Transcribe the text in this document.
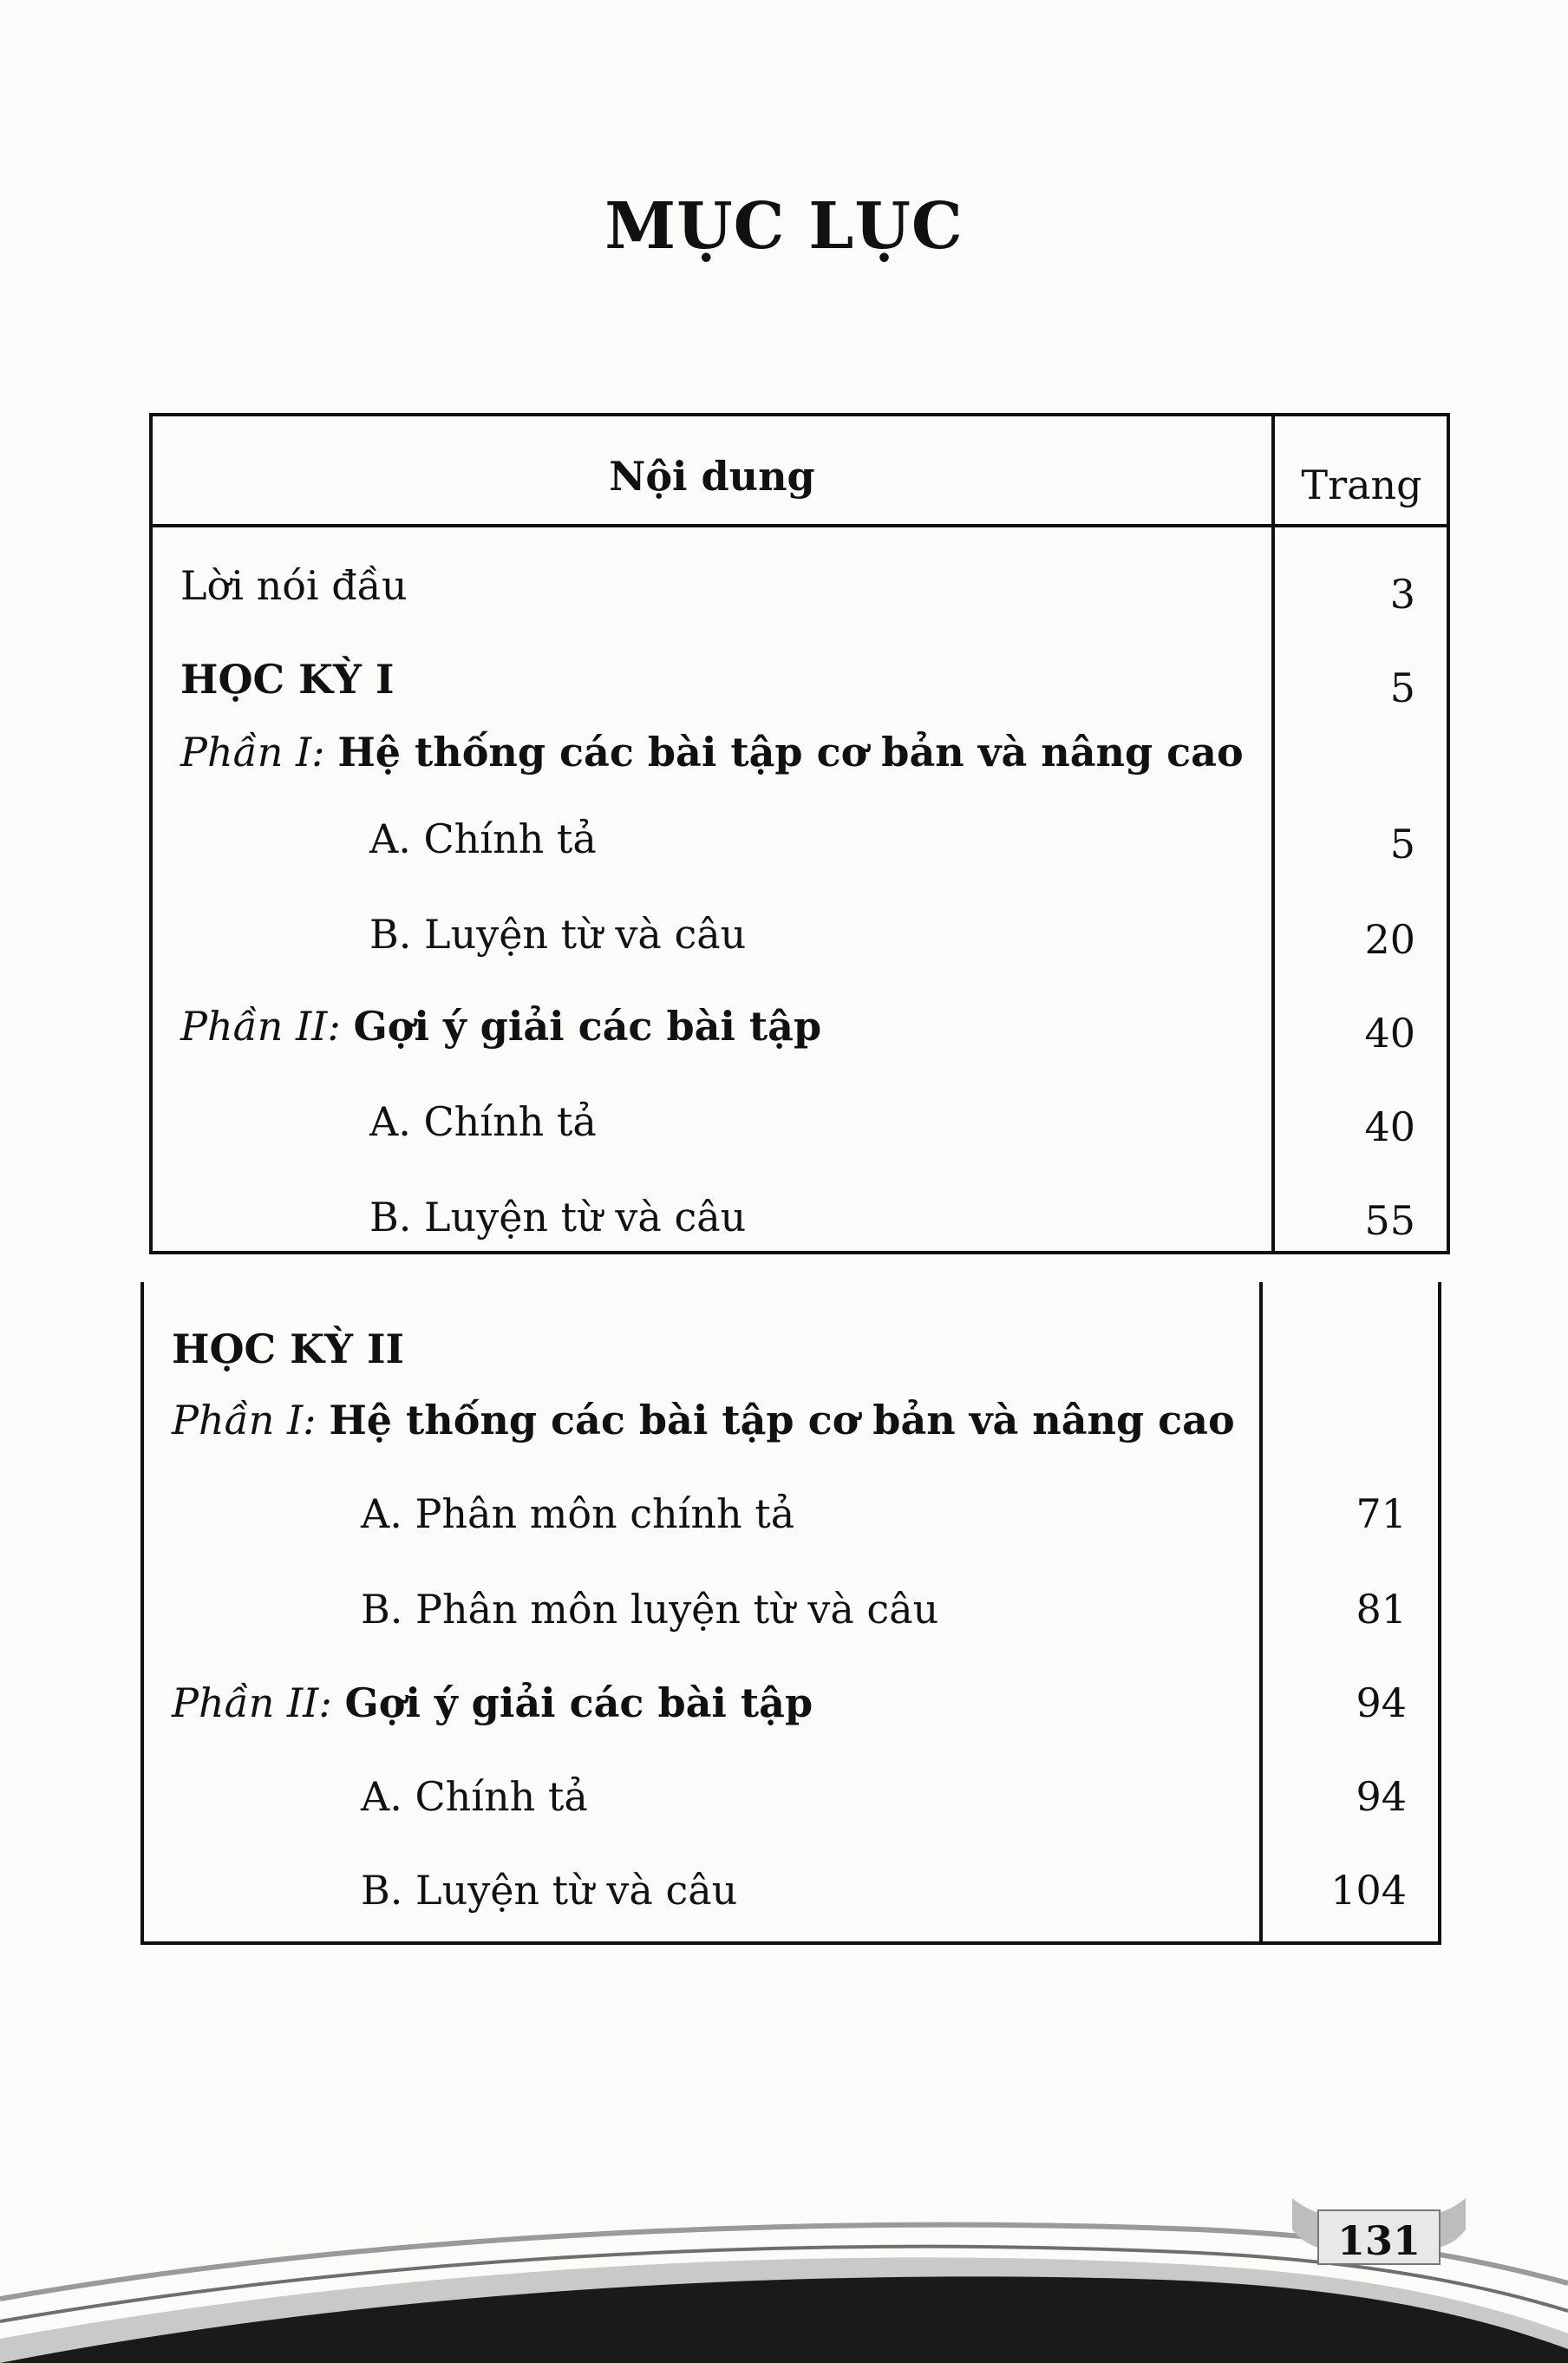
MỤC LỤC
Nội dung	Trang
Lời nói đầu	3
HỌC KỲ I	5
Phần I: Hệ thống các bài tập cơ bản và nâng cao
A. Chính tả	5
B. Luyện từ và câu	20
Phần II: Gợi ý giải các bài tập	40
A. Chính tả	40
B. Luyện từ và câu	55
HỌC KỲ II
Phần I: Hệ thống các bài tập cơ bản và nâng cao
A. Phân môn chính tả	71
B. Phân môn luyện từ và câu	81
Phần II: Gợi ý giải các bài tập	94
A. Chính tả	94
B. Luyện từ và câu	104
131
